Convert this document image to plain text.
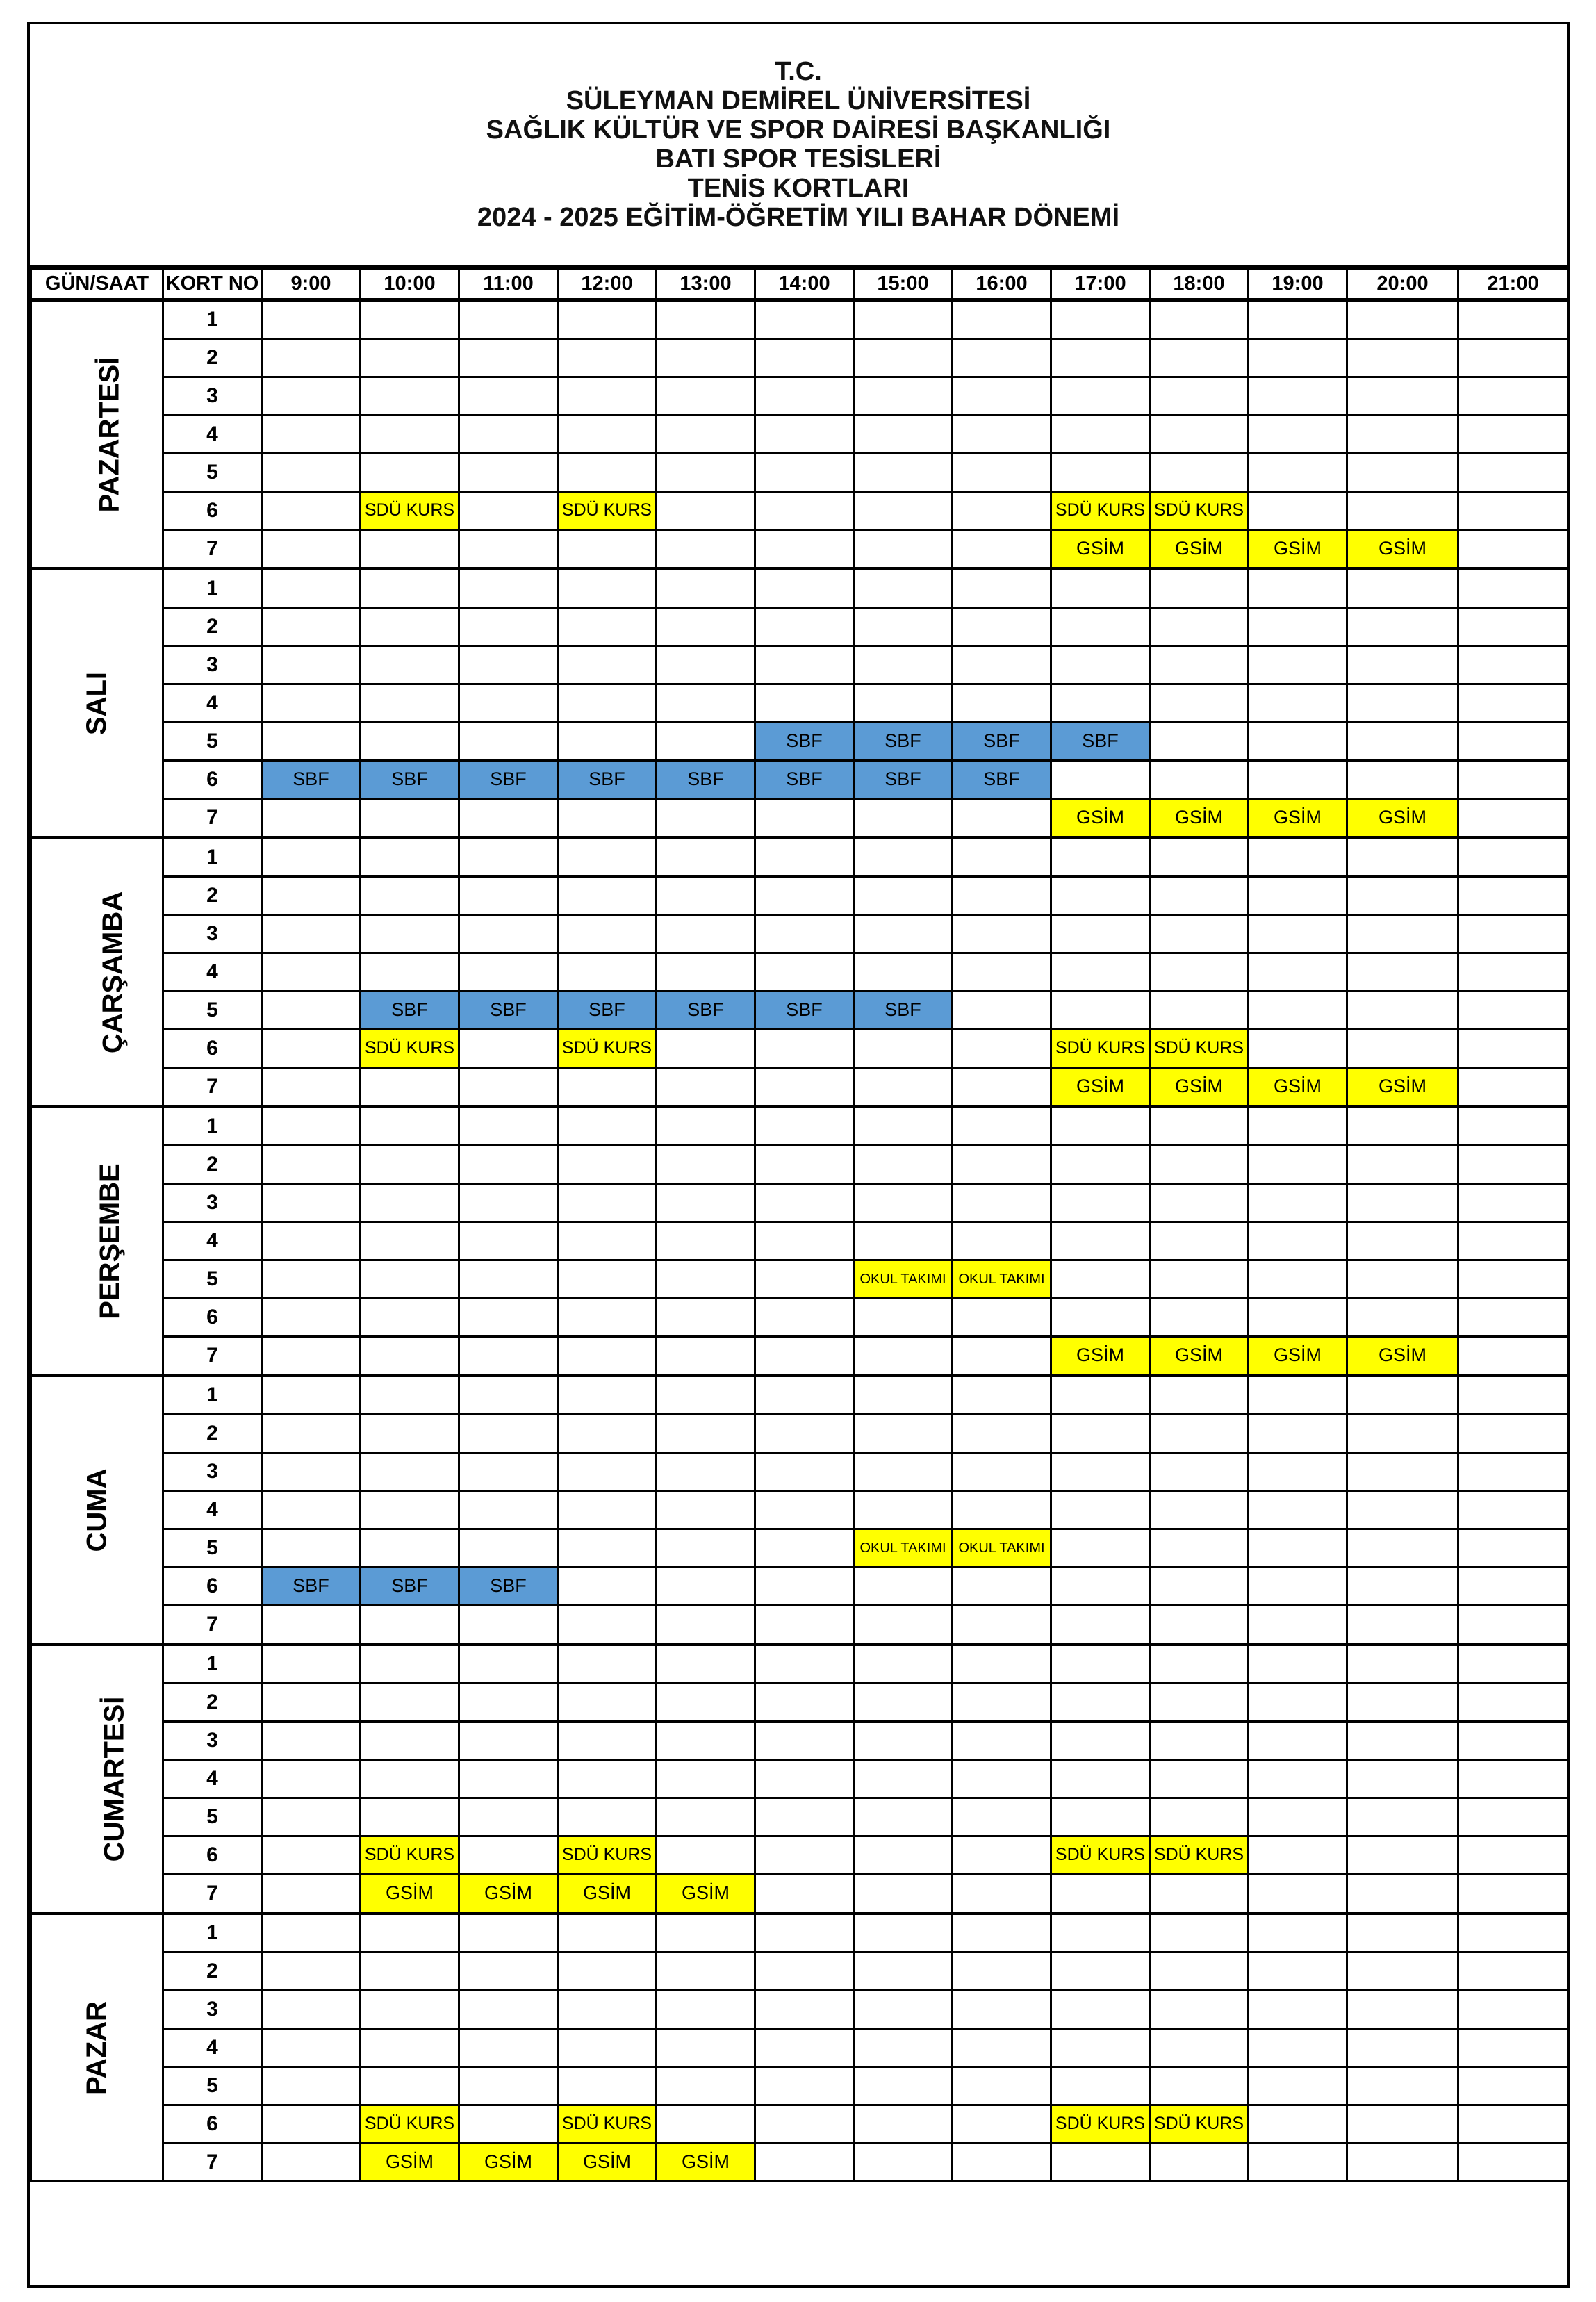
T.C.
SÜLEYMAN DEMİREL ÜNİVERSİTESİ
SAĞLIK KÜLTÜR VE SPOR DAİRESİ BAŞKANLIĞI
BATI SPOR TESİSLERİ
TENİS KORTLARI
2024 - 2025 EĞİTİM-ÖĞRETİM YILI BAHAR DÖNEMİ
GÜN/SAAT	KORT NO	9:00	10:00	11:00	12:00	13:00	14:00	15:00	16:00	17:00	18:00	19:00	20:00	21:00
PAZARTESİ	1													
	2													
	3													
	4													
	5													
	6		SDÜ KURS		SDÜ KURS					SDÜ KURS	SDÜ KURS			
	7									GSİM	GSİM	GSİM	GSİM	
SALI	1													
	2													
	3													
	4													
	5						SBF	SBF	SBF	SBF				
	6	SBF	SBF	SBF	SBF	SBF	SBF	SBF	SBF					
	7									GSİM	GSİM	GSİM	GSİM	
ÇARŞAMBA	1													
	2													
	3													
	4													
	5		SBF	SBF	SBF	SBF	SBF	SBF						
	6		SDÜ KURS		SDÜ KURS					SDÜ KURS	SDÜ KURS			
	7									GSİM	GSİM	GSİM	GSİM	
PERŞEMBE	1													
	2													
	3													
	4													
	5							OKUL TAKIMI	OKUL TAKIMI					
	6													
	7									GSİM	GSİM	GSİM	GSİM	
CUMA	1													
	2													
	3													
	4													
	5							OKUL TAKIMI	OKUL TAKIMI					
	6	SBF	SBF	SBF										
	7													
CUMARTESİ	1													
	2													
	3													
	4													
	5													
	6		SDÜ KURS		SDÜ KURS					SDÜ KURS	SDÜ KURS			
	7		GSİM	GSİM	GSİM	GSİM								
PAZAR	1													
	2													
	3													
	4													
	5													
	6		SDÜ KURS		SDÜ KURS					SDÜ KURS	SDÜ KURS			
	7		GSİM	GSİM	GSİM	GSİM								
